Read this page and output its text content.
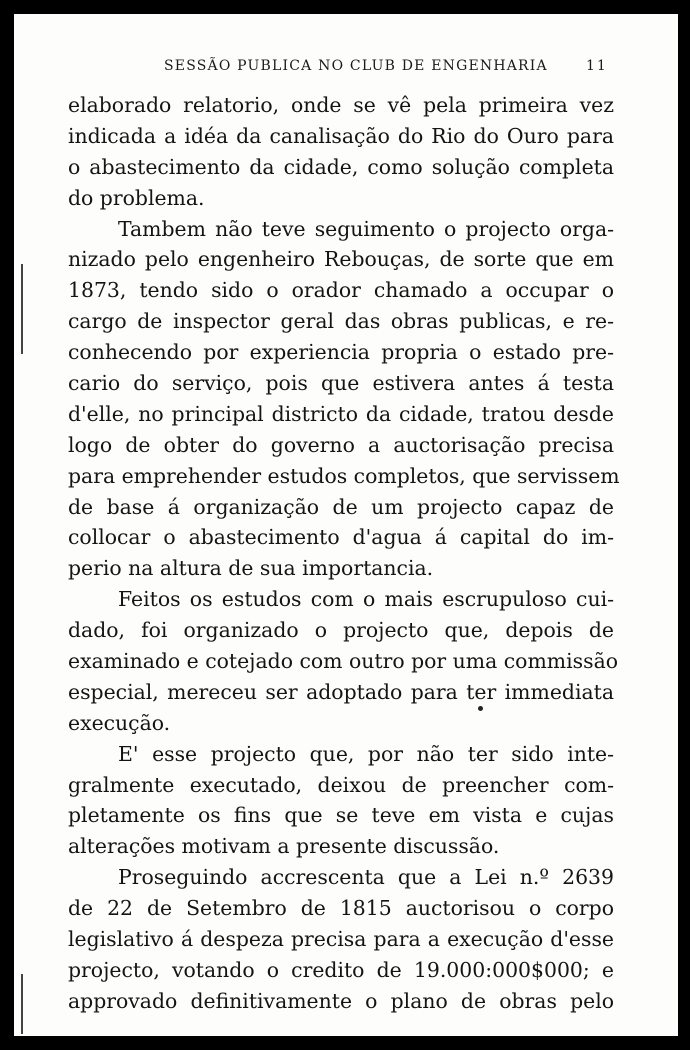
SESSÃO PUBLICA NO CLUB DE ENGENHARIA	11
elaborado relatorio, onde se vê pela primeira vez
indicada a idéa da canalisação do Rio do Ouro para
o abastecimento da cidade, como solução completa
do problema.
Tambem não teve seguimento o projecto orga-
nizado pelo engenheiro Rebouças, de sorte que em
1873, tendo sido o orador chamado a occupar o
cargo de inspector geral das obras publicas, e re-
conhecendo por experiencia propria o estado pre-
cario do serviço, pois que estivera antes á testa
d'elle, no principal districto da cidade, tratou desde
logo de obter do governo a auctorisação precisa
para emprehender estudos completos, que servissem
de base á organização de um projecto capaz de
collocar o abastecimento d'agua á capital do im-
perio na altura de sua importancia.
Feitos os estudos com o mais escrupuloso cui-
dado, foi organizado o projecto que, depois de
examinado e cotejado com outro por uma commissão
especial, mereceu ser adoptado para ter immediata
execução.
E' esse projecto que, por não ter sido inte-
gralmente executado, deixou de preencher com-
pletamente os fins que se teve em vista e cujas
alterações motivam a presente discussão.
Proseguindo accrescenta que a Lei n.º 2639
de 22 de Setembro de 1815 auctorisou o corpo
legislativo á despeza precisa para a execução d'esse
projecto, votando o credito de 19.000:000$000; e
approvado definitivamente o plano de obras pelo
